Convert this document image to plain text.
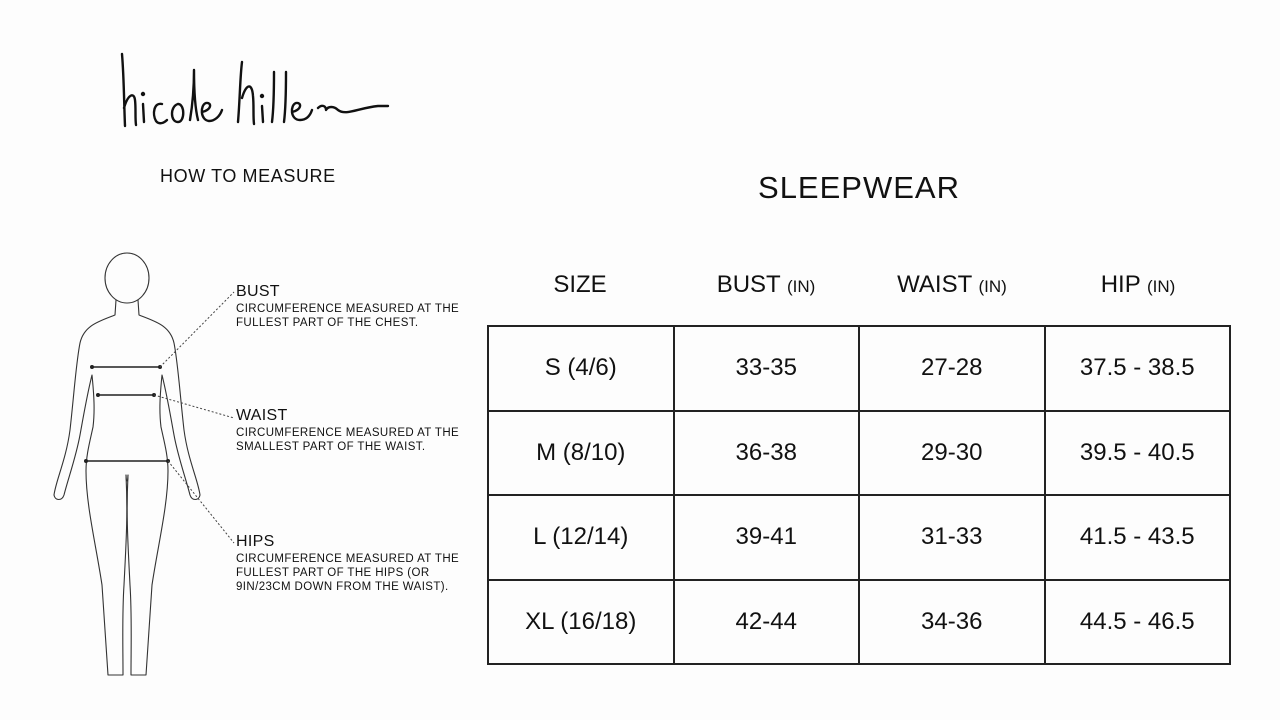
HOW TO MEASURE
BUST
CIRCUMFERENCE MEASURED AT THE FULLEST PART OF THE CHEST.
WAIST
CIRCUMFERENCE MEASURED AT THE SMALLEST PART OF THE WAIST.
HIPS
CIRCUMFERENCE MEASURED AT THE FULLEST PART OF THE HIPS (OR 9IN/23CM DOWN FROM THE WAIST).
SLEEPWEAR
SIZE	BUST (IN)	WAIST (IN)	HIP (IN)
S (4/6)	33-35	27-28	37.5 - 38.5
M (8/10)	36-38	29-30	39.5 - 40.5
L (12/14)	39-41	31-33	41.5 - 43.5
XL (16/18)	42-44	34-36	44.5 - 46.5
